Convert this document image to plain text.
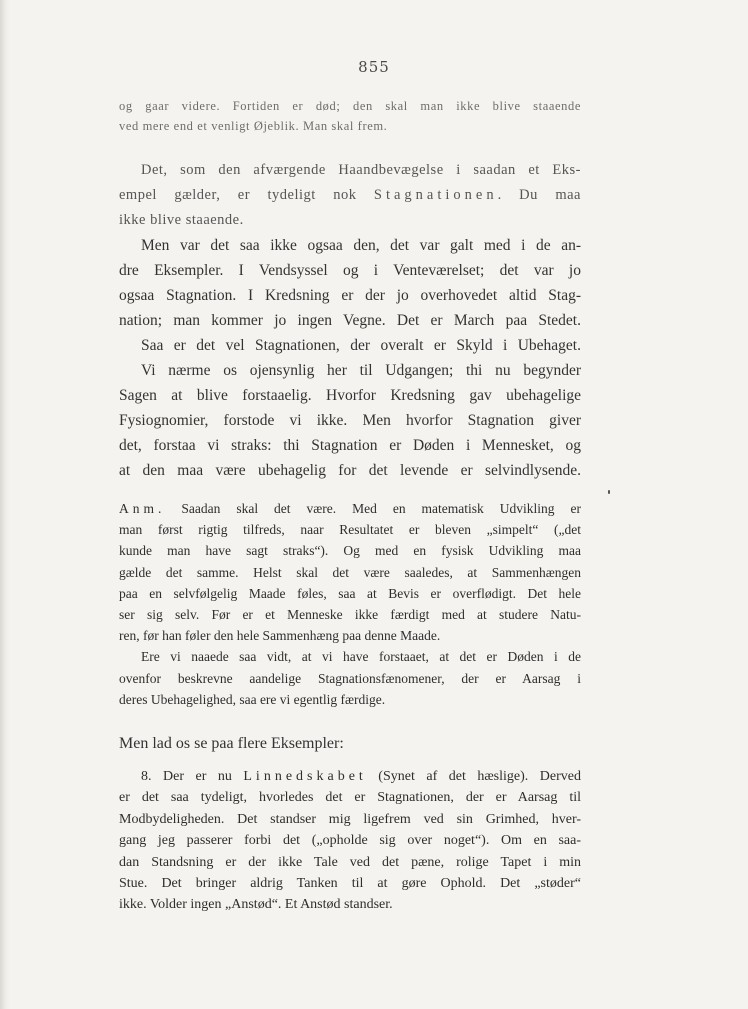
855
og gaar videre. Fortiden er død; den skal man ikke blive staaende
ved mere end et venligt Øjeblik. Man skal frem.
Det, som den afværgende Haandbevægelse i saadan et Eks-
empel gælder, er tydeligt nok Stagnationen. Du maa
ikke blive staaende.
Men var det saa ikke ogsaa den, det var galt med i de an-
dre Eksempler. I Vendsyssel og i Venteværelset; det var jo
ogsaa Stagnation. I Kredsning er der jo overhovedet altid Stag-
nation; man kommer jo ingen Vegne. Det er March paa Stedet.
Saa er det vel Stagnationen, der overalt er Skyld i Ubehaget.
Vi nærme os ojensynlig her til Udgangen; thi nu begynder
Sagen at blive forstaaelig. Hvorfor Kredsning gav ubehagelige
Fysiognomier, forstode vi ikke. Men hvorfor Stagnation giver
det, forstaa vi straks: thi Stagnation er Døden i Mennesket, og
at den maa være ubehagelig for det levende er selvindlysende.
Anm. Saadan skal det være. Med en matematisk Udvikling er
man først rigtig tilfreds, naar Resultatet er bleven „simpelt“ („det
kunde man have sagt straks“). Og med en fysisk Udvikling maa
gælde det samme. Helst skal det være saaledes, at Sammenhængen
paa en selvfølgelig Maade føles, saa at Bevis er overflødigt. Det hele
ser sig selv. Før er et Menneske ikke færdigt med at studere Natu-
ren, før han føler den hele Sammenhæng paa denne Maade.
Ere vi naaede saa vidt, at vi have forstaaet, at det er Døden i de
ovenfor beskrevne aandelige Stagnationsfænomener, der er Aarsag i
deres Ubehagelighed, saa ere vi egentlig færdige.
Men lad os se paa flere Eksempler:
8. Der er nu Linnedskabet (Synet af det hæslige). Derved
er det saa tydeligt, hvorledes det er Stagnationen, der er Aarsag til
Modbydeligheden. Det standser mig ligefrem ved sin Grimhed, hver-
gang jeg passerer forbi det („opholde sig over noget“). Om en saa-
dan Standsning er der ikke Tale ved det pæne, rolige Tapet i min
Stue. Det bringer aldrig Tanken til at gøre Ophold. Det „støder“
ikke. Volder ingen „Anstød“. Et Anstød standser.
